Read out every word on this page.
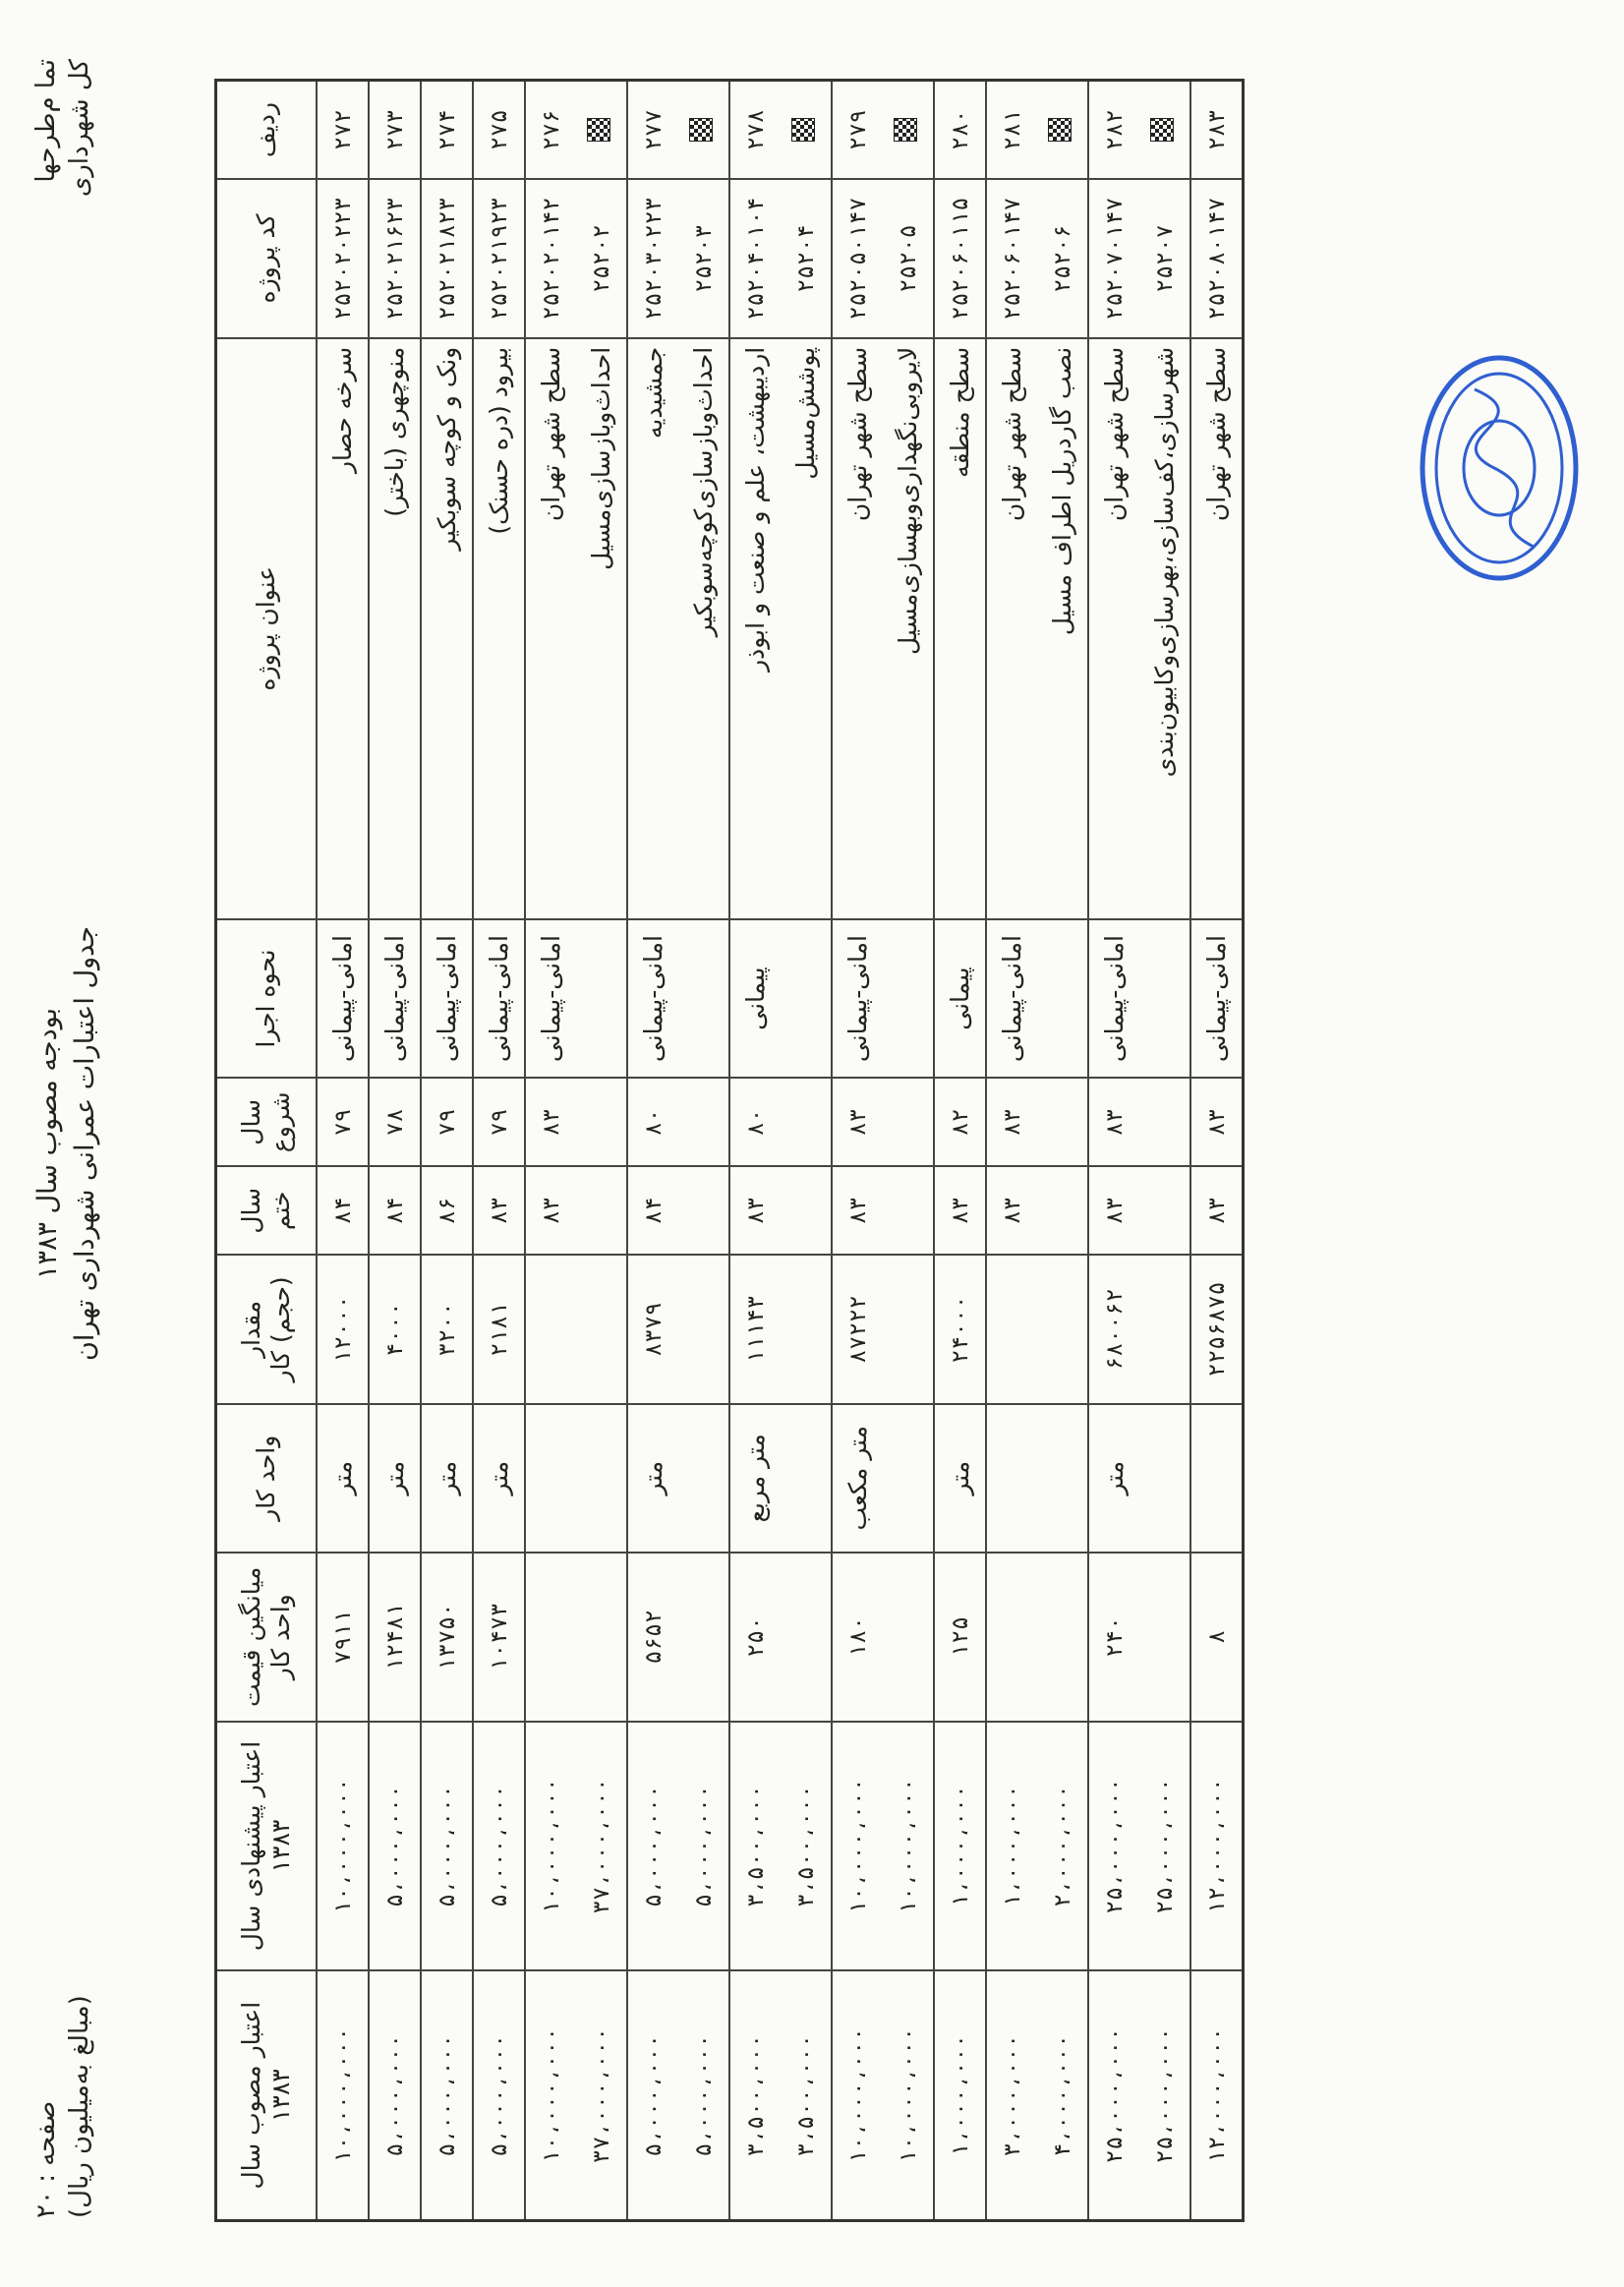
تما م‌طرحها کل شهرداری
بودجه مصوب سال ۱۳۸۳ جدول اعتبارات عمرانی شهرداری تهران
صفحه : ۲۰ (مبالغ به‌میلیون ریال)
ردیف	کد پروژه	عنوان پروژه	نحوه اجرا	سال شروع	سال ختم	مقدار (حجم) کار	واحد کار	میانگین قیمت واحد کار	اعتبار پیشنهادی سال ۱۳۸۳	اعتبار مصوب سال ۱۳۸۳
۲۷۲	۲۵۲۰۲۰۲۲۳	سرخه حصار	امانی-پیمانی	۷۹	۸۴	۱۲۰۰۰	متر	۷۹۱۱	۱۰،۰۰۰،۰۰۰	۱۰،۰۰۰،۰۰۰
۲۷۳	۲۵۲۰۲۱۶۲۳	منوچهری (باختر)	امانی-پیمانی	۷۸	۸۴	۴۰۰۰	متر	۱۲۴۸۱	۵،۰۰۰،۰۰۰	۵،۰۰۰،۰۰۰
۲۷۴	۲۵۲۰۲۱۸۲۳	ونک و کوچه سوبکیر	امانی-پیمانی	۷۹	۸۶	۳۲۰۰	متر	۱۳۷۵۰	۵،۰۰۰،۰۰۰	۵،۰۰۰،۰۰۰
۲۷۵	۲۵۲۰۲۱۹۲۳	بیرود (دره حسنک)	امانی-پیمانی	۷۹	۸۳	۲۱۸۱	متر	۱۰۴۷۳	۵،۰۰۰،۰۰۰	۵،۰۰۰،۰۰۰
۲۷۶	۲۵۲۰۲۰۱۴۲	سطح شهر تهران	امانی-پیمانی	۸۳	۸۳				۱۰،۰۰۰،۰۰۰	۱۰،۰۰۰،۰۰۰
	۲۵۲۰۲	احداث‌وبازسازی‌مسیل							۳۷،۰۰۰،۰۰۰	۳۷،۰۰۰،۰۰۰
۲۷۷	۲۵۲۰۳۰۲۲۳	جمشیدیه	امانی-پیمانی	۸۰	۸۴	۸۳۷۹	متر	۵۶۵۲	۵،۰۰۰،۰۰۰	۵،۰۰۰،۰۰۰
	۲۵۲۰۳	احداث‌وبازسازی‌کوچه‌سوبکیر							۵،۰۰۰،۰۰۰	۵،۰۰۰،۰۰۰
۲۷۸	۲۵۲۰۴۰۱۰۴	اردیبهشت، علم و صنعت و ابوذر	پیمانی	۸۰	۸۳	۱۱۱۴۳	متر مربع	۲۵۰	۳،۵۰۰،۰۰۰	۳،۵۰۰،۰۰۰
	۲۵۲۰۴	پوشش‌مسیل							۳،۵۰۰،۰۰۰	۳،۵۰۰،۰۰۰
۲۷۹	۲۵۲۰۵۰۱۴۷	سطح شهر تهران	امانی-پیمانی	۸۳	۸۳	۸۷۲۲۲	متر مکعب	۱۸۰	۱۰،۰۰۰،۰۰۰	۱۰،۰۰۰،۰۰۰
	۲۵۲۰۵	لایروبی‌نگهداری‌وبهسازی‌مسیل							۱۰،۰۰۰،۰۰۰	۱۰،۰۰۰،۰۰۰
۲۸۰	۲۵۲۰۶۰۱۱۵	سطح منطقه	پیمانی	۸۲	۸۳	۲۴۰۰۰	متر	۱۲۵	۱،۰۰۰،۰۰۰	۱،۰۰۰،۰۰۰
۲۸۱	۲۵۲۰۶۰۱۴۷	سطح شهر تهران	امانی-پیمانی	۸۳	۸۳				۱،۰۰۰،۰۰۰	۳،۰۰۰،۰۰۰
	۲۵۲۰۶	نصب گاردریل اطراف مسیل							۲،۰۰۰،۰۰۰	۴،۰۰۰،۰۰۰
۲۸۲	۲۵۲۰۷۰۱۴۷	سطح شهر تهران	امانی-پیمانی	۸۳	۸۳	۶۸۰۰۶۲	متر	۲۴۰	۲۵،۰۰۰،۰۰۰	۲۵،۰۰۰،۰۰۰
	۲۵۲۰۷	شهرسازی،کف‌سازی،بهرسازی‌وکابیون‌بندی							۲۵،۰۰۰،۰۰۰	۲۵،۰۰۰،۰۰۰
۲۸۳	۲۵۲۰۸۰۱۴۷	سطح شهر تهران	امانی-پیمانی	۸۳	۸۳	۲۲۵۶۸۷۵		۸	۱۲،۰۰۰،۰۰۰	۱۲،۰۰۰،۰۰۰
